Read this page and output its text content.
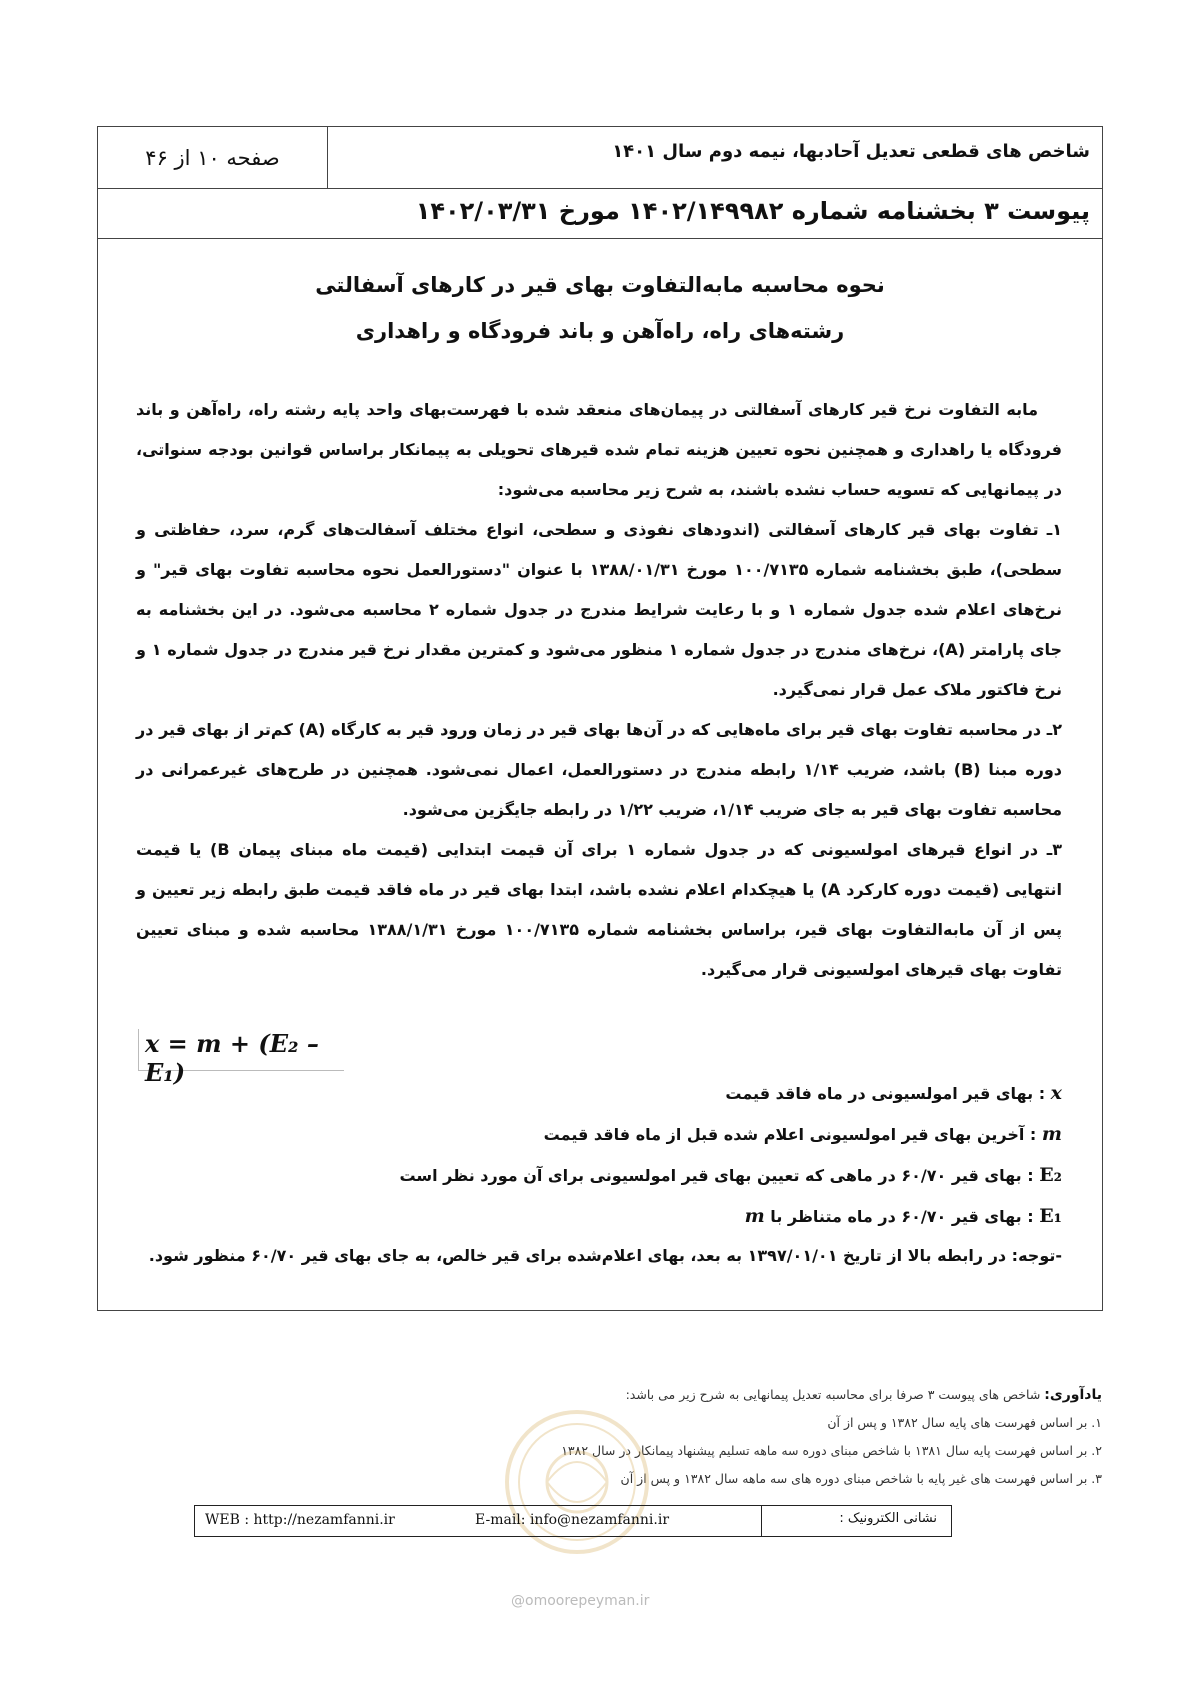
صفحه ۱۰ از ۴۶	شاخص های قطعی تعدیل آحادبها، نیمه دوم سال ۱۴۰۱
پیوست ۳ بخشنامه شماره ۱۴۰۲/۱۴۹۹۸۲ مورخ ۱۴۰۲/۰۳/۳۱
نحوه محاسبه مابه‌التفاوت بهای قیر در کارهای آسفالتی
رشته‌های راه، راه‌آهن و باند فرودگاه و راهداری

مابه التفاوت نرخ قیر کارهای آسفالتی در پیمان‌های منعقد شده با فهرست‌بهای واحد پایه رشته راه، راه‌آهن و باند فرودگاه یا راهداری و همچنین نحوه تعیین هزینه تمام شده قیرهای تحویلی به پیمانکار براساس قوانین بودجه سنواتی، در پیمانهایی که تسویه حساب نشده باشند، به شرح زیر محاسبه می‌شود:

۱ـ تفاوت بهای قیر کارهای آسفالتی (اندودهای نفوذی و سطحی، انواع مختلف آسفالت‌های گرم، سرد، حفاظتی و سطحی)، طبق بخشنامه شماره ۱۰۰/۷۱۳۵ مورخ ۱۳۸۸/۰۱/۳۱ با عنوان "دستورالعمل نحوه محاسبه تفاوت بهای قیر" و نرخ‌های اعلام شده جدول شماره ۱ و با رعایت شرایط مندرج در جدول شماره ۲ محاسبه می‌شود. در این بخشنامه به جای پارامتر (A)، نرخ‌های مندرج در جدول شماره ۱ منظور می‌شود و کمترین مقدار نرخ قیر مندرج در جدول شماره ۱ و نرخ فاکتور ملاک عمل قرار نمی‌گیرد.

۲ـ در محاسبه تفاوت بهای قیر برای ماه‌هایی که در آن‌ها بهای قیر در زمان ورود قیر به کارگاه (A) کم‌تر از بهای قیر در دوره مبنا (B) باشد، ضریب ۱/۱۴ رابطه مندرج در دستورالعمل، اعمال نمی‌شود. همچنین در طرح‌های غیرعمرانی در محاسبه تفاوت بهای قیر به جای ضریب ۱/۱۴، ضریب ۱/۲۲ در رابطه جایگزین می‌شود.

۳ـ در انواع قیرهای امولسیونی که در جدول شماره ۱ برای آن قیمت ابتدایی (قیمت ماه مبنای پیمان B) یا قیمت انتهایی (قیمت دوره کارکرد A) یا هیچکدام اعلام نشده باشد، ابتدا بهای قیر در ماه فاقد قیمت طبق رابطه زیر تعیین و پس از آن مابه‌التفاوت بهای قیر، براساس بخشنامه شماره ۱۰۰/۷۱۳۵ مورخ ۱۳۸۸/۱/۳۱ محاسبه شده و مبنای تعیین تفاوت بهای قیرهای امولسیونی قرار می‌گیرد.

x = m + (E₂ – E₁)
x : بهای قیر امولسیونی در ماه فاقد قیمت
m : آخرین بهای قیر امولسیونی اعلام شده قبل از ماه فاقد قیمت
E₂ : بهای قیر ۶۰/۷۰ در ماهی که تعیین بهای قیر امولسیونی برای آن مورد نظر است
E₁ : بهای قیر ۶۰/۷۰ در ماه متناظر با m
-توجه: در رابطه بالا از تاریخ ۱۳۹۷/۰۱/۰۱ به بعد، بهای اعلام‌شده برای قیر خالص، به جای بهای قیر ۶۰/۷۰ منظور شود.
یادآوری: شاخص های پیوست ۳ صرفا برای محاسبه تعدیل پیمانهایی به شرح زیر می باشد:

۱. بر اساس فهرست های پایه سال ۱۳۸۲ و پس از آن

۲. بر اساس فهرست پایه سال ۱۳۸۱ با شاخص مبنای دوره سه ماهه تسلیم پیشنهاد پیمانکار در سال ۱۳۸۲

۳. بر اساس فهرست های غیر پایه با شاخص مبنای دوره های سه ماهه سال ۱۳۸۲ و پس از آن

نشانی الکترونیک :
E-mail: info@nezamfanni.ir
WEB : http://nezamfanni.ir
@omoorepeyman.ir
